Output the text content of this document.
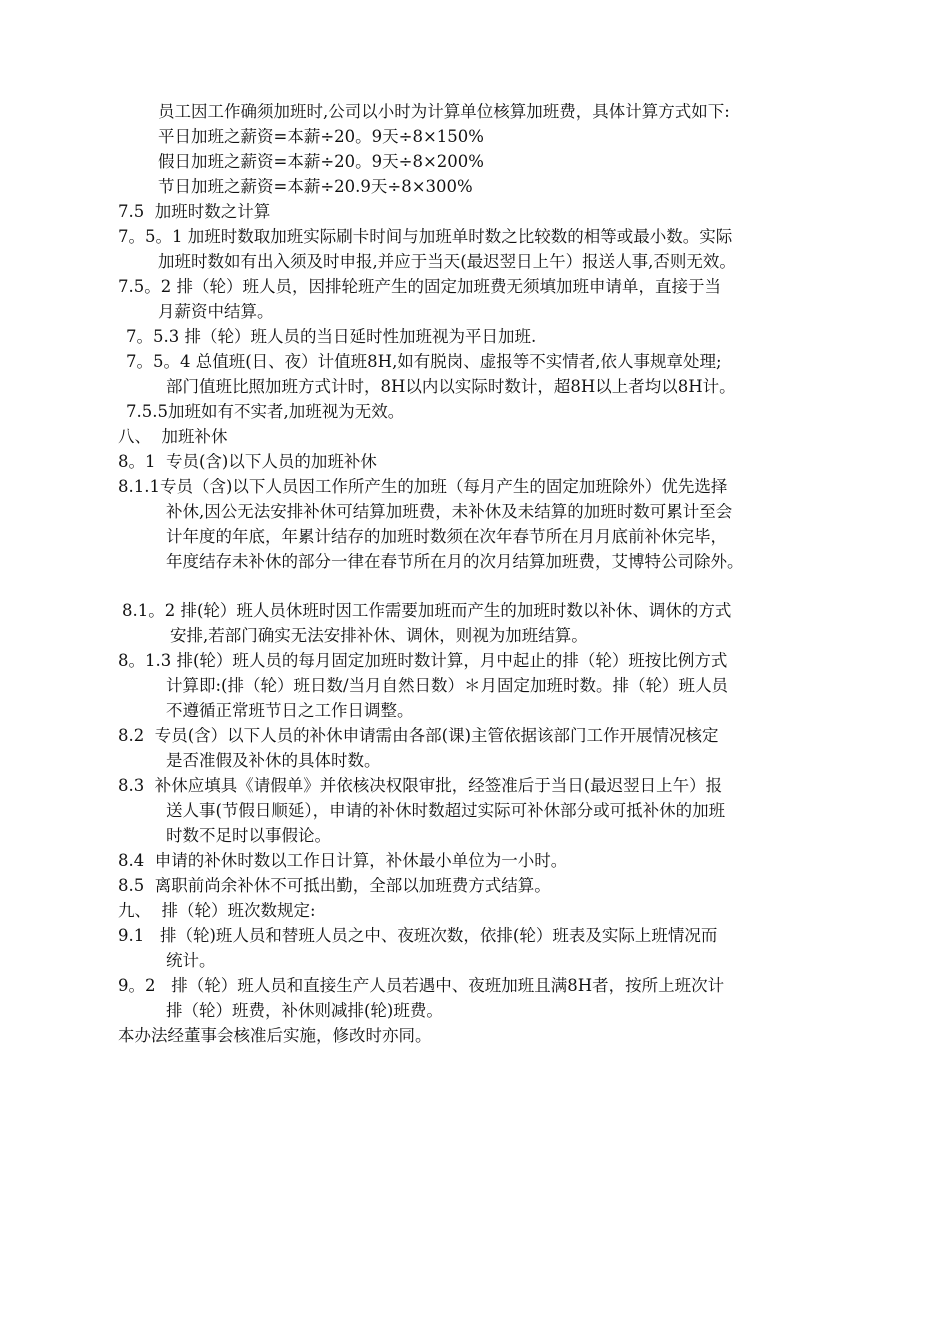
员工因工作确须加班时,公司以小时为计算单位核算加班费，具体计算方式如下:
平日加班之薪资=本薪÷20。9天÷8×150%
假日加班之薪资=本薪÷20。9天÷8×200%
节日加班之薪资=本薪÷20.9天÷8×300%
7.5  加班时数之计算
7。5。1 加班时数取加班实际刷卡时间与加班单时数之比较数的相等或最小数。实际
加班时数如有出入须及时申报,并应于当天(最迟翌日上午）报送人事,否则无效。
7.5。2 排（轮）班人员，因排轮班产生的固定加班费无须填加班申请单，直接于当
月薪资中结算。
7。5.3 排（轮）班人员的当日延时性加班视为平日加班.
7。5。4 总值班(日、夜）计值班8H,如有脱岗、虚报等不实情者,依人事规章处理;
部门值班比照加班方式计时，8H以内以实际时数计，超8H以上者均以8H计。
7.5.5加班如有不实者,加班视为无效。
八、  加班补休
8。1  专员(含)以下人员的加班补休
8.1.1专员（含)以下人员因工作所产生的加班（每月产生的固定加班除外）优先选择
补休,因公无法安排补休可结算加班费，未补休及未结算的加班时数可累计至会
计年度的年底，年累计结存的加班时数须在次年春节所在月月底前补休完毕，
年度结存未补休的部分一律在春节所在月的次月结算加班费，艾博特公司除外。
8.1。2 排(轮）班人员休班时因工作需要加班而产生的加班时数以补休、调休的方式
安排,若部门确实无法安排补休、调休，则视为加班结算。
8。1.3 排(轮）班人员的每月固定加班时数计算，月中起止的排（轮）班按比例方式
计算即:(排（轮）班日数/当月自然日数）＊月固定加班时数。排（轮）班人员
不遵循正常班节日之工作日调整。
8.2  专员(含）以下人员的补休申请需由各部(课)主管依据该部门工作开展情况核定
是否准假及补休的具体时数。
8.3  补休应填具《请假单》并依核决权限审批，经签准后于当日(最迟翌日上午）报
送人事(节假日顺延），申请的补休时数超过实际可补休部分或可抵补休的加班
时数不足时以事假论。
8.4  申请的补休时数以工作日计算，补休最小单位为一小时。
8.5  离职前尚余补休不可抵出勤，全部以加班费方式结算。
九、  排（轮）班次数规定:
9.1   排（轮)班人员和替班人员之中、夜班次数，依排(轮）班表及实际上班情况而
统计。
9。2   排（轮）班人员和直接生产人员若遇中、夜班加班且满8H者，按所上班次计
排（轮）班费，补休则减排(轮)班费。
本办法经董事会核准后实施，修改时亦同。
